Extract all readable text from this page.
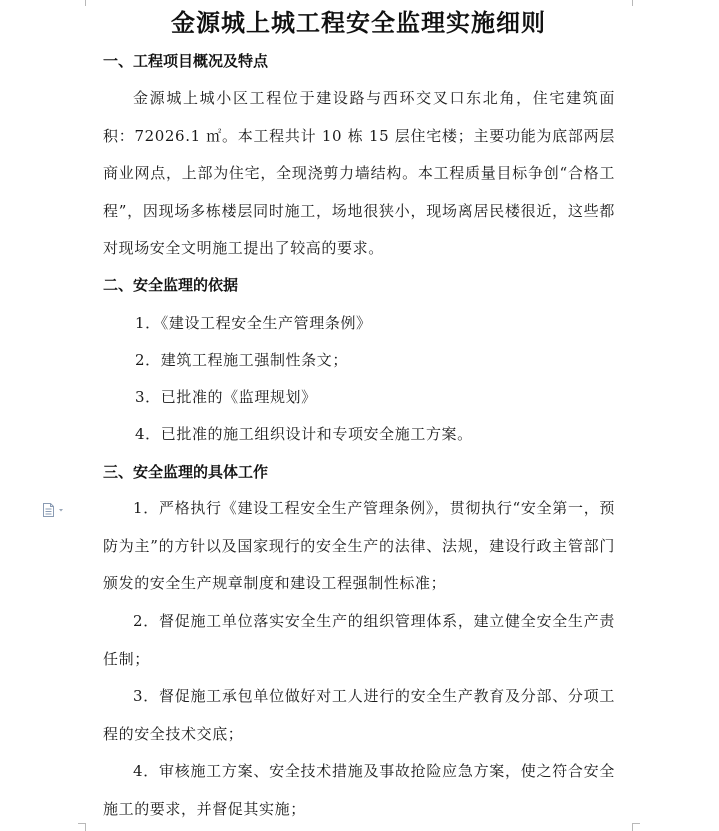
金源城上城工程安全监理实施细则
一、工程项目概况及特点

金源城上城小区工程位于建设路与西环交叉口东北角，住宅建筑面积：72026.1 ㎡。本工程共计 10 栋 15 层住宅楼；主要功能为底部两层商业网点，上部为住宅，全现浇剪力墙结构。本工程质量目标争创“合格工程”，因现场多栋楼层同时施工，场地很狭小，现场离居民楼很近，这些都对现场安全文明施工提出了较高的要求。

二、安全监理的依据
1．《建设工程安全生产管理条例》
2．建筑工程施工强制性条文；
3．已批准的《监理规划》
4．已批准的施工组织设计和专项安全施工方案。
三、安全监理的具体工作

1．严格执行《建设工程安全生产管理条例》，贯彻执行“安全第一，预防为主”的方针以及国家现行的安全生产的法律、法规，建设行政主管部门颁发的安全生产规章制度和建设工程强制性标准；

2．督促施工单位落实安全生产的组织管理体系，建立健全安全生产责任制；

3．督促施工承包单位做好对工人进行的安全生产教育及分部、分项工程的安全技术交底；

4．审核施工方案、安全技术措施及事故抢险应急方案，使之符合安全施工的要求，并督促其实施；
